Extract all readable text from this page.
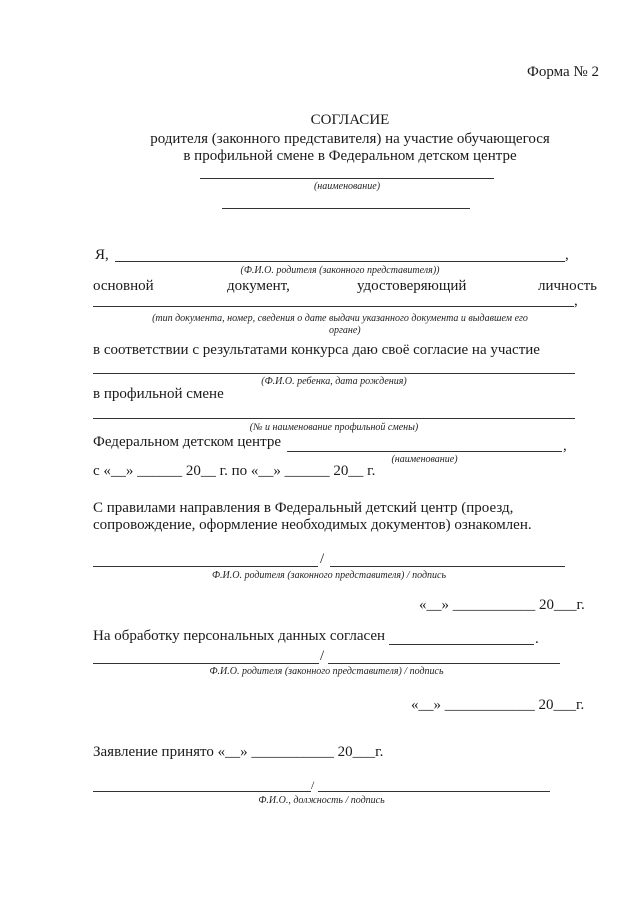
Форма № 2
СОГЛАСИЕ
родителя (законного представителя) на участие обучающегося
в профильной смене в Федеральном детском центре
(наименование)
Я,	,
(Ф.И.О. родителя (законного представителя))
основной	документ,	удостоверяющий	личность
,
(тип документа, номер, сведения о дате выдачи указанного документа и выдавшем его
органе)
в соответствии с результатами конкурса даю своё согласие на участие
(Ф.И.О. ребенка, дата рождения)
в профильной смене
(№ и наименование профильной смены)
Федеральном детском центре	,
(наименование)
с «__» ______ 20__ г. по «__» ______ 20__ г.
С правилами направления в Федеральный детский центр (проезд,
сопровождение, оформление необходимых документов) ознакомлен.
/
Ф.И.О. родителя (законного представителя) / подпись
«__» ___________ 20___г.
На обработку персональных данных согласен	.
/
Ф.И.О. родителя (законного представителя) / подпись
«__» ____________ 20___г.
Заявление принято «__» ___________ 20___г.
/
Ф.И.О., должность / подпись
